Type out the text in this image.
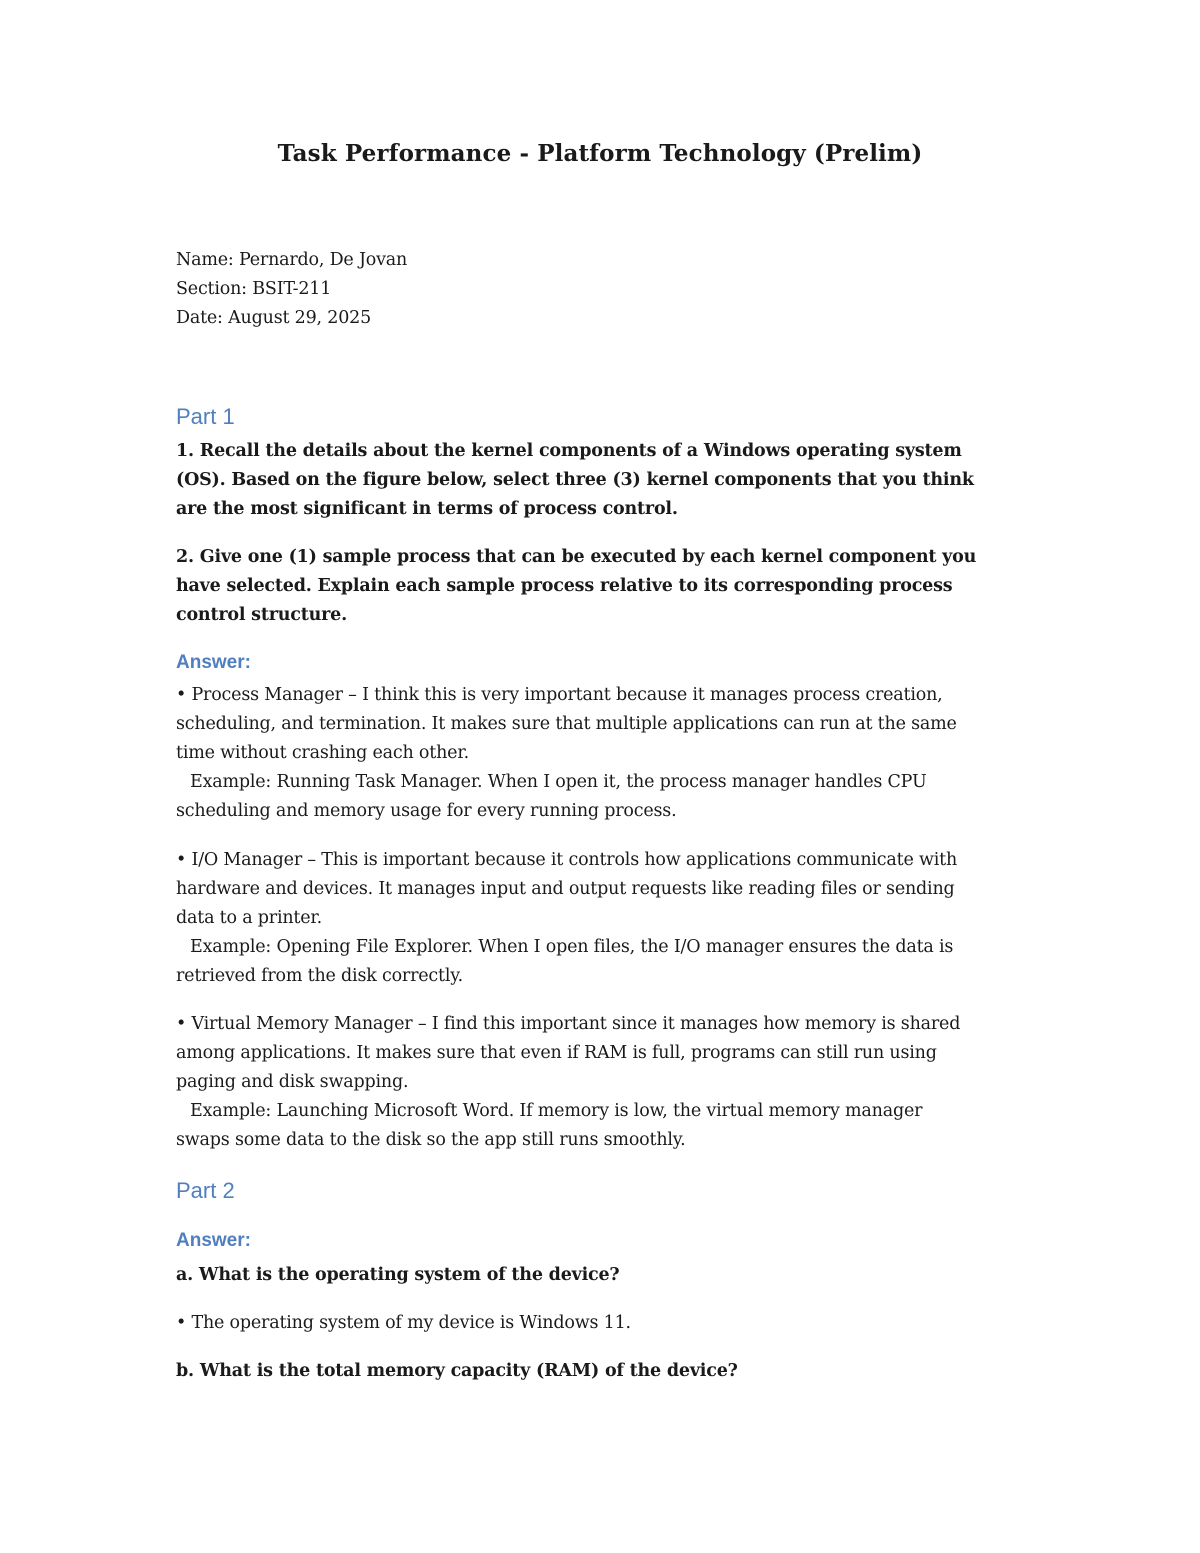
Task Performance - Platform Technology (Prelim)
Name: Pernardo, De Jovan
Section: BSIT-211
Date: August 29, 2025
Part 1
1. Recall the details about the kernel components of a Windows operating system
(OS). Based on the figure below, select three (3) kernel components that you think
are the most significant in terms of process control.
2. Give one (1) sample process that can be executed by each kernel component you
have selected. Explain each sample process relative to its corresponding process
control structure.
Answer:
• Process Manager – I think this is very important because it manages process creation,
scheduling, and termination. It makes sure that multiple applications can run at the same
time without crashing each other.
Example: Running Task Manager. When I open it, the process manager handles CPU
scheduling and memory usage for every running process.
• I/O Manager – This is important because it controls how applications communicate with
hardware and devices. It manages input and output requests like reading files or sending
data to a printer.
Example: Opening File Explorer. When I open files, the I/O manager ensures the data is
retrieved from the disk correctly.
• Virtual Memory Manager – I find this important since it manages how memory is shared
among applications. It makes sure that even if RAM is full, programs can still run using
paging and disk swapping.
Example: Launching Microsoft Word. If memory is low, the virtual memory manager
swaps some data to the disk so the app still runs smoothly.
Part 2
Answer:
a. What is the operating system of the device?
• The operating system of my device is Windows 11.
b. What is the total memory capacity (RAM) of the device?
